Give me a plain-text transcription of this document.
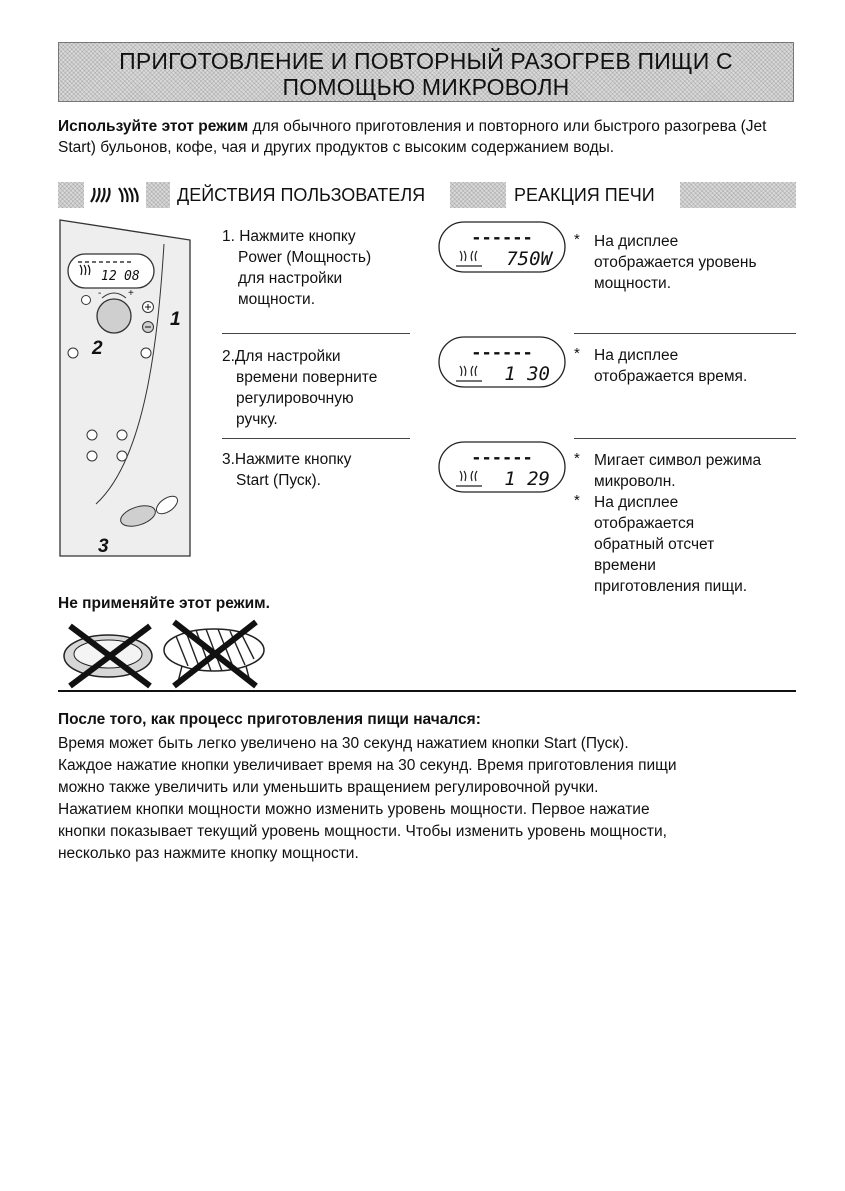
ПРИГОТОВЛЕНИЕ И ПОВТОРНЫЙ РАЗОГРЕВ ПИЩИ С
ПОМОЩЬЮ МИКРОВОЛН
Используйте этот режим для обычного приготовления и повторного или быстрого разогрева (Jet Start) бульонов, кофе, чая и других продуктов с высоким содержанием воды.
ДЕЙСТВИЯ ПОЛЬЗОВАТЕЛЯ	РЕАКЦИЯ ПЕЧИ
12 08
-	+
1
2
3
1. Нажмите кнопку
Power (Мощность)
для настройки
мощности.
------
750W
* На дисплее
отображается уровень
мощности.
2.Для настройки
времени поверните
регулировочную
ручку.
------
1 30
* На дисплее
отображается время.
3.Нажмите кнопку
Start (Пуск).
------
1 29
* Мигает символ режима
микроволн.
* На дисплее
отображается
обратный отсчет
времени
приготовления пищи.
Не применяйте этот режим.
После того, как процесс приготовления пищи начался:

Время может быть легко увеличено на 30 секунд нажатием кнопки Start (Пуск).

Каждое нажатие кнопки увеличивает время на 30 секунд. Время приготовления пищи

можно также увеличить или уменьшить вращением регулировочной ручки.

Нажатием кнопки мощности можно изменить уровень мощности. Первое нажатие

кнопки показывает текущий уровень мощности. Чтобы изменить уровень мощности,

несколько раз нажмите кнопку мощности.
